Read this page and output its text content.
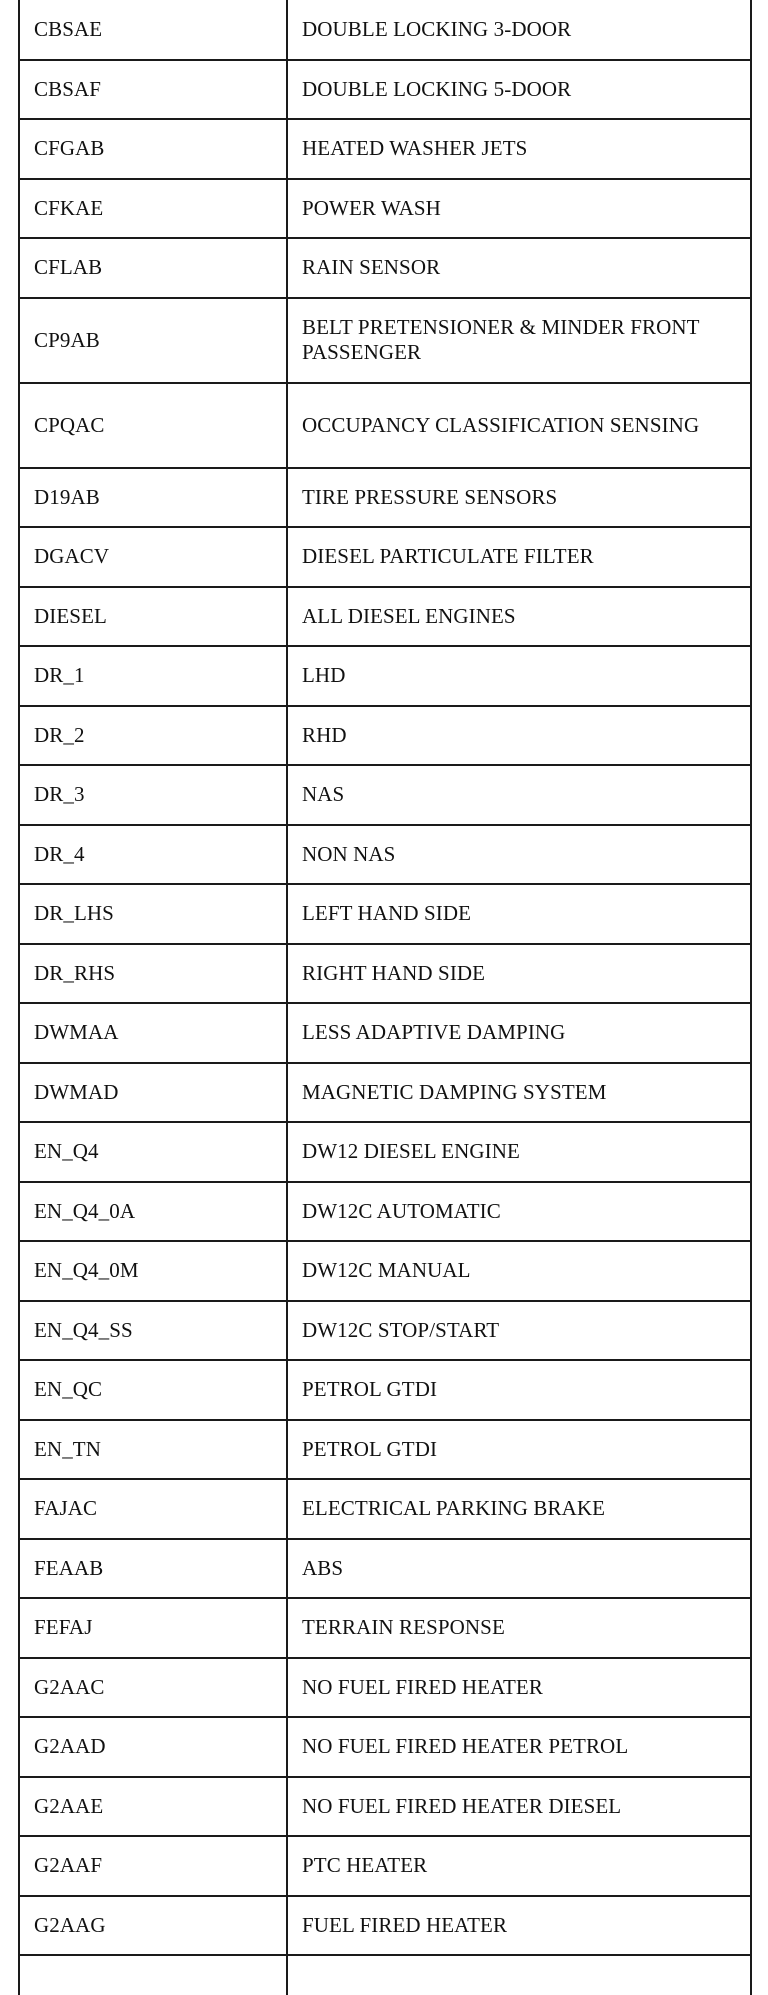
CBSAE	DOUBLE LOCKING 3-DOOR
CBSAF	DOUBLE LOCKING 5-DOOR
CFGAB	HEATED WASHER JETS
CFKAE	POWER WASH
CFLAB	RAIN SENSOR
CP9AB	BELT PRETENSIONER & MINDER FRONT PASSENGER
CPQAC	OCCUPANCY CLASSIFICATION SENSING
D19AB	TIRE PRESSURE SENSORS
DGACV	DIESEL PARTICULATE FILTER
DIESEL	ALL DIESEL ENGINES
DR_1	LHD
DR_2	RHD
DR_3	NAS
DR_4	NON NAS
DR_LHS	LEFT HAND SIDE
DR_RHS	RIGHT HAND SIDE
DWMAA	LESS ADAPTIVE DAMPING
DWMAD	MAGNETIC DAMPING SYSTEM
EN_Q4	DW12 DIESEL ENGINE
EN_Q4_0A	DW12C AUTOMATIC
EN_Q4_0M	DW12C MANUAL
EN_Q4_SS	DW12C STOP/START
EN_QC	PETROL GTDI
EN_TN	PETROL GTDI
FAJAC	ELECTRICAL PARKING BRAKE
FEAAB	ABS
FEFAJ	TERRAIN RESPONSE
G2AAC	NO FUEL FIRED HEATER
G2AAD	NO FUEL FIRED HEATER PETROL
G2AAE	NO FUEL FIRED HEATER DIESEL
G2AAF	PTC HEATER
G2AAG	FUEL FIRED HEATER
